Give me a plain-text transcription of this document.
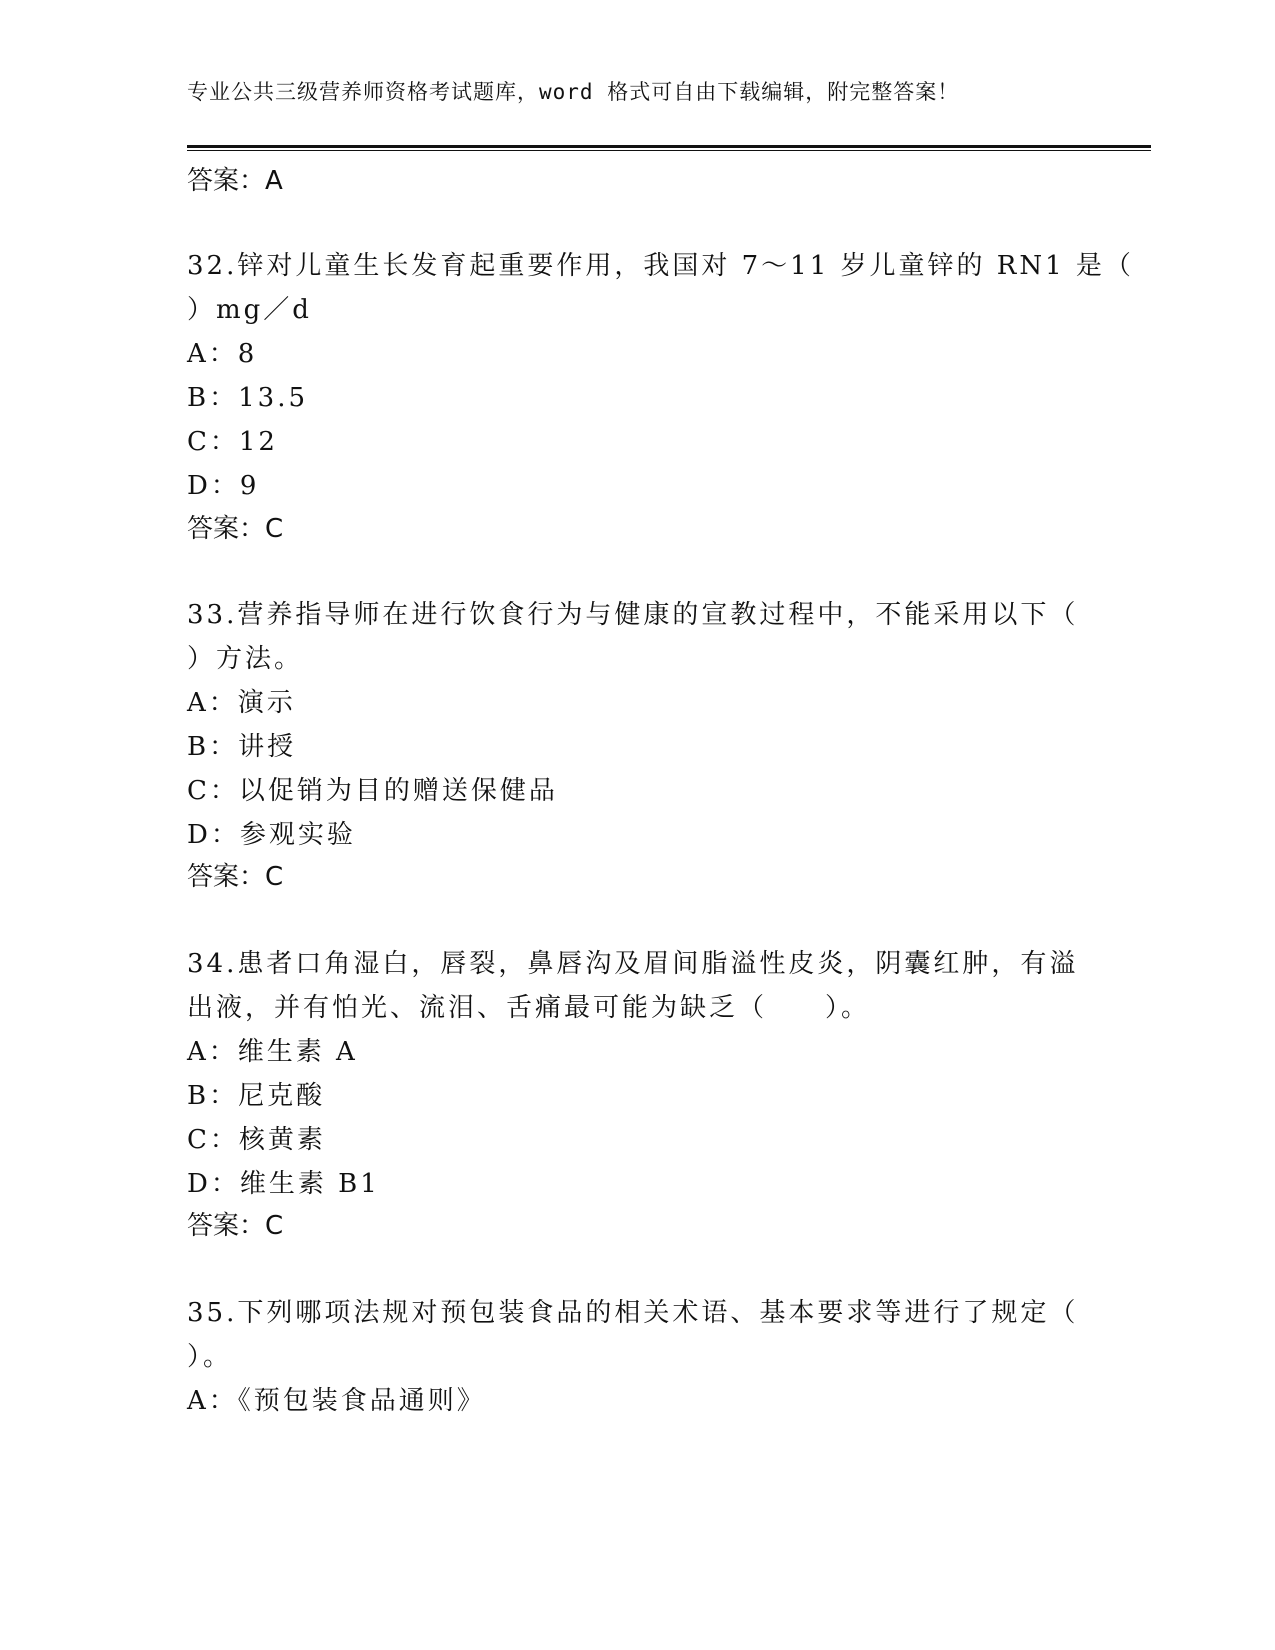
专业公共三级营养师资格考试题库，word 格式可自由下载编辑，附完整答案！
答案：A
32.锌对儿童生长发育起重要作用，我国对 7～11 岁儿童锌的 RN1 是（
）mg／d
A：8
B：13.5
C：12
D：9
答案：C
33.营养指导师在进行饮食行为与健康的宣教过程中，不能采用以下（
）方法。
A：演示
B：讲授
C：以促销为目的赠送保健品
D：参观实验
答案：C
34.患者口角湿白，唇裂，鼻唇沟及眉间脂溢性皮炎，阴囊红肿，有溢
出液，并有怕光、流泪、舌痛最可能为缺乏（　　）。
A：维生素 A
B：尼克酸
C：核黄素
D：维生素 B1
答案：C
35.下列哪项法规对预包装食品的相关术语、基本要求等进行了规定（
）。
A：《预包装食品通则》
